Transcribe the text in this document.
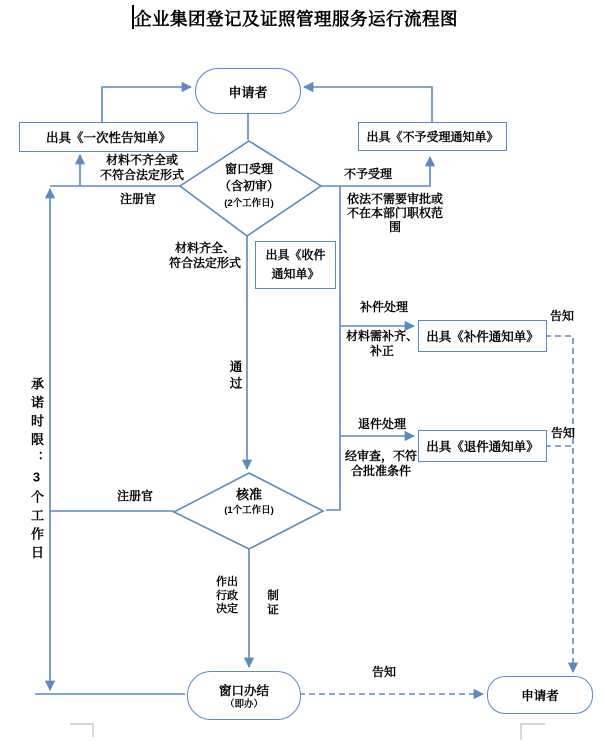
企业集团登记及证照管理服务运行流程图
申请者
窗口办结
（即办）
申请者
出具《一次性告知单》	出具《不予受理通知单》
出具《收件
通知单》
出具《补件通知单》
出具《退件通知单》
窗口受理
（含初审）
(2个工作日)
核准
(1个工作日)
材料不齐全或
不符合法定形式
注册官
不予受理
依法不需要审批或
不在本部门职权范围
材料齐全、
符合法定形式
通过
补件处理
材料需补齐、
补正
退件处理
经审查，不符
合批准条件
告知
告知
告知
注册官
作出
行政
决定 制证
承诺时限：3个工作日
